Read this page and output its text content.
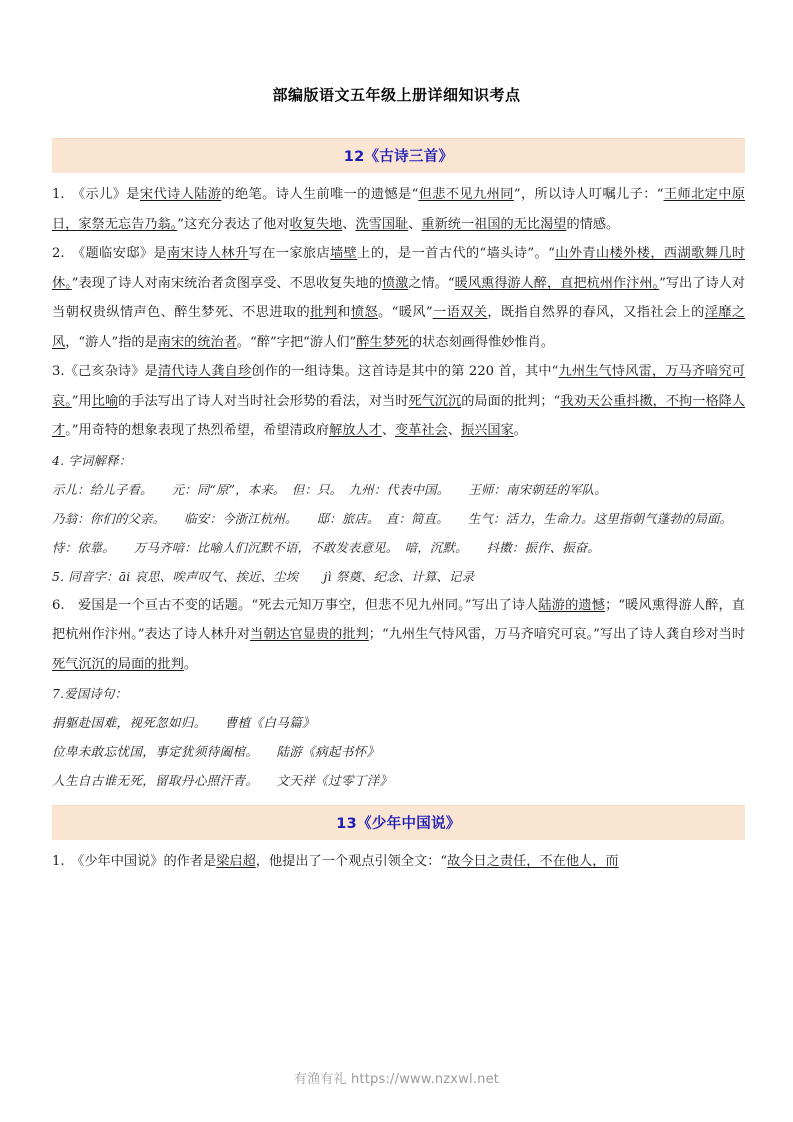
部编版语文五年级上册详细知识考点
12《古诗三首》

1.　《示儿》是宋代诗人陆游的绝笔。诗人生前唯一的遗憾是“但悲不见九州同”，所以诗人叮嘱儿子：“王师北定中原日，家祭无忘告乃翁。”这充分表达了他对收复失地、洗雪国耻、重新统一祖国的无比渴望的情感。

2.　《题临安邸》是南宋诗人林升写在一家旅店墙壁上的，是一首古代的“墙头诗”。“山外青山楼外楼，西湖歌舞几时休。”表现了诗人对南宋统治者贪图享受、不思收复失地的愤激之情。“暖风熏得游人醉，直把杭州作汴州。”写出了诗人对当朝权贵纵情声色、醉生梦死、不思进取的批判和愤怒。“暖风”一语双关，既指自然界的春风，又指社会上的淫靡之风，“游人”指的是南宋的统治者。“醉”字把“游人们”醉生梦死的状态刻画得惟妙惟肖。

3.《己亥杂诗》是清代诗人龚自珍创作的一组诗集。这首诗是其中的第 220 首，其中“九州生气恃风雷，万马齐喑究可哀。”用比喻的手法写出了诗人对当时社会形势的看法，对当时死气沉沉的局面的批判；“我劝天公重抖擞，不拘一格降人才。”用奇特的想象表现了热烈希望，希望清政府解放人才、变革社会、振兴国家。

4. 字词解释：

示儿：给儿子看。　　元：同“原”，本来。　但：只。　九州：代表中国。　　王师：南宋朝廷的军队。

乃翁：你们的父亲。　　临安：今浙江杭州。　　邸：旅店。　直：简直。　　生气：活力，生命力。这里指朝气蓬勃的局面。

恃：依靠。　　万马齐喑：比喻人们沉默不语，不敢发表意见。　喑，沉默。　　抖擞：振作、振奋。

5. 同音字：āi 哀思、唉声叹气、挨近、尘埃　　jì 祭奠、纪念、计算、记录

6.　爱国是一个亘古不变的话题。“死去元知万事空，但悲不见九州同。”写出了诗人陆游的遗憾；“暖风熏得游人醉，直把杭州作汴州。”表达了诗人林升对当朝达官显贵的批判；“九州生气恃风雷，万马齐喑究可哀。”写出了诗人龚自珍对当时死气沉沉的局面的批判。

7.爱国诗句：

捐躯赴国难，视死忽如归。 曹植《白马篇》

位卑未敢忘忧国，事定犹须待阖棺。 陆游《病起书怀》

人生自古谁无死，留取丹心照汗青。 文天祥《过零丁洋》

13《少年中国说》

1.　《少年中国说》的作者是梁启超，他提出了一个观点引领全文：“故今日之责任，不在他人，而

有渔有礼 https://www.nzxwl.net
